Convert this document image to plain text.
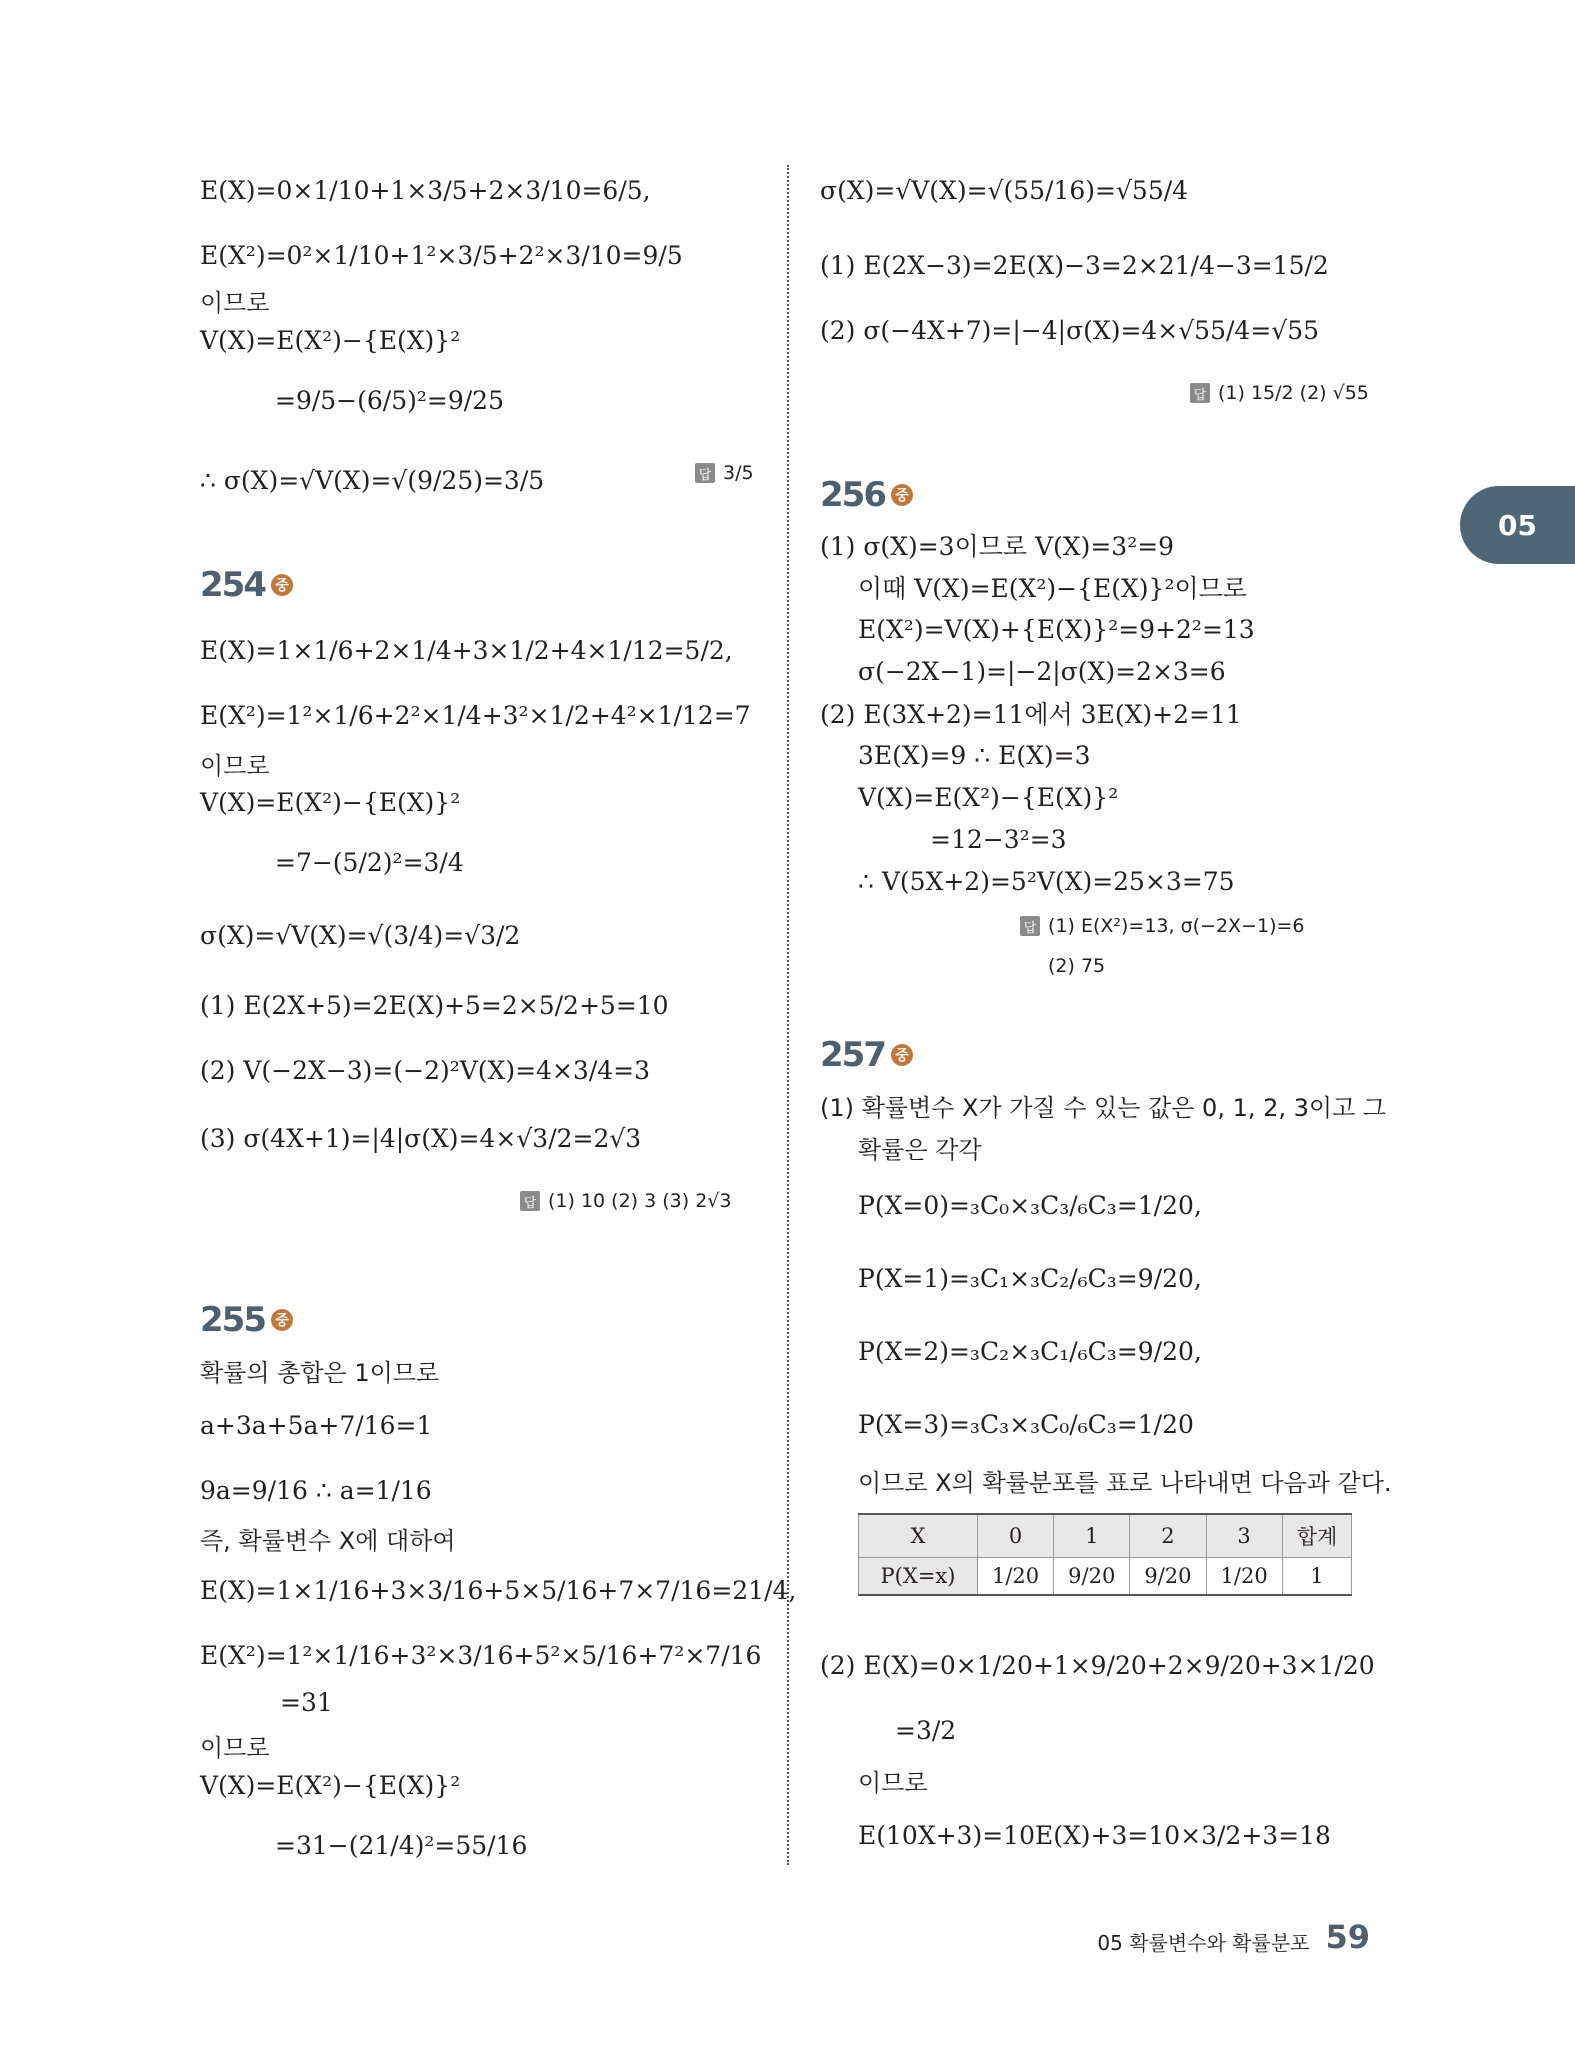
05
E(X)=0×1/10+1×3/5+2×3/10=6/5,
E(X²)=0²×1/10+1²×3/5+2²×3/10=9/5
이므로
V(X)=E(X²)−{E(X)}²
=9/5−(6/5)²=9/25
∴ σ(X)=√V(X)=√(9/25)=3/5	답 3/5
254 중
E(X)=1×1/6+2×1/4+3×1/2+4×1/12=5/2,
E(X²)=1²×1/6+2²×1/4+3²×1/2+4²×1/12=7
이므로
V(X)=E(X²)−{E(X)}²
=7−(5/2)²=3/4
σ(X)=√V(X)=√(3/4)=√3/2
(1) E(2X+5)=2E(X)+5=2×5/2+5=10
(2) V(−2X−3)=(−2)²V(X)=4×3/4=3
(3) σ(4X+1)=|4|σ(X)=4×√3/2=2√3
답 (1) 10 (2) 3 (3) 2√3
255 중
확률의 총합은 1이므로
a+3a+5a+7/16=1
9a=9/16 ∴ a=1/16
즉, 확률변수 X에 대하여
E(X)=1×1/16+3×3/16+5×5/16+7×7/16=21/4,
E(X²)=1²×1/16+3²×3/16+5²×5/16+7²×7/16
=31
이므로
V(X)=E(X²)−{E(X)}²
=31−(21/4)²=55/16
σ(X)=√V(X)=√(55/16)=√55/4
(1) E(2X−3)=2E(X)−3=2×21/4−3=15/2
(2) σ(−4X+7)=|−4|σ(X)=4×√55/4=√55
답 (1) 15/2 (2) √55
256 중
(1) σ(X)=3이므로 V(X)=3²=9
이때 V(X)=E(X²)−{E(X)}²이므로
E(X²)=V(X)+{E(X)}²=9+2²=13
σ(−2X−1)=|−2|σ(X)=2×3=6
(2) E(3X+2)=11에서 3E(X)+2=11
3E(X)=9 ∴ E(X)=3
V(X)=E(X²)−{E(X)}²
=12−3²=3
∴ V(5X+2)=5²V(X)=25×3=75
답 (1) E(X²)=13, σ(−2X−1)=6
(2) 75
257 중
(1) 확률변수 X가 가질 수 있는 값은 0, 1, 2, 3이고 그
확률은 각각
P(X=0)=₃C₀×₃C₃/₆C₃=1/20,
P(X=1)=₃C₁×₃C₂/₆C₃=9/20,
P(X=2)=₃C₂×₃C₁/₆C₃=9/20,
P(X=3)=₃C₃×₃C₀/₆C₃=1/20
이므로 X의 확률분포를 표로 나타내면 다음과 같다.
X	0	1	2	3	합계
P(X=x)	1/20	9/20	9/20	1/20	1
(2) E(X)=0×1/20+1×9/20+2×9/20+3×1/20
=3/2
이므로
E(10X+3)=10E(X)+3=10×3/2+3=18
05 확률변수와 확률분포 59
